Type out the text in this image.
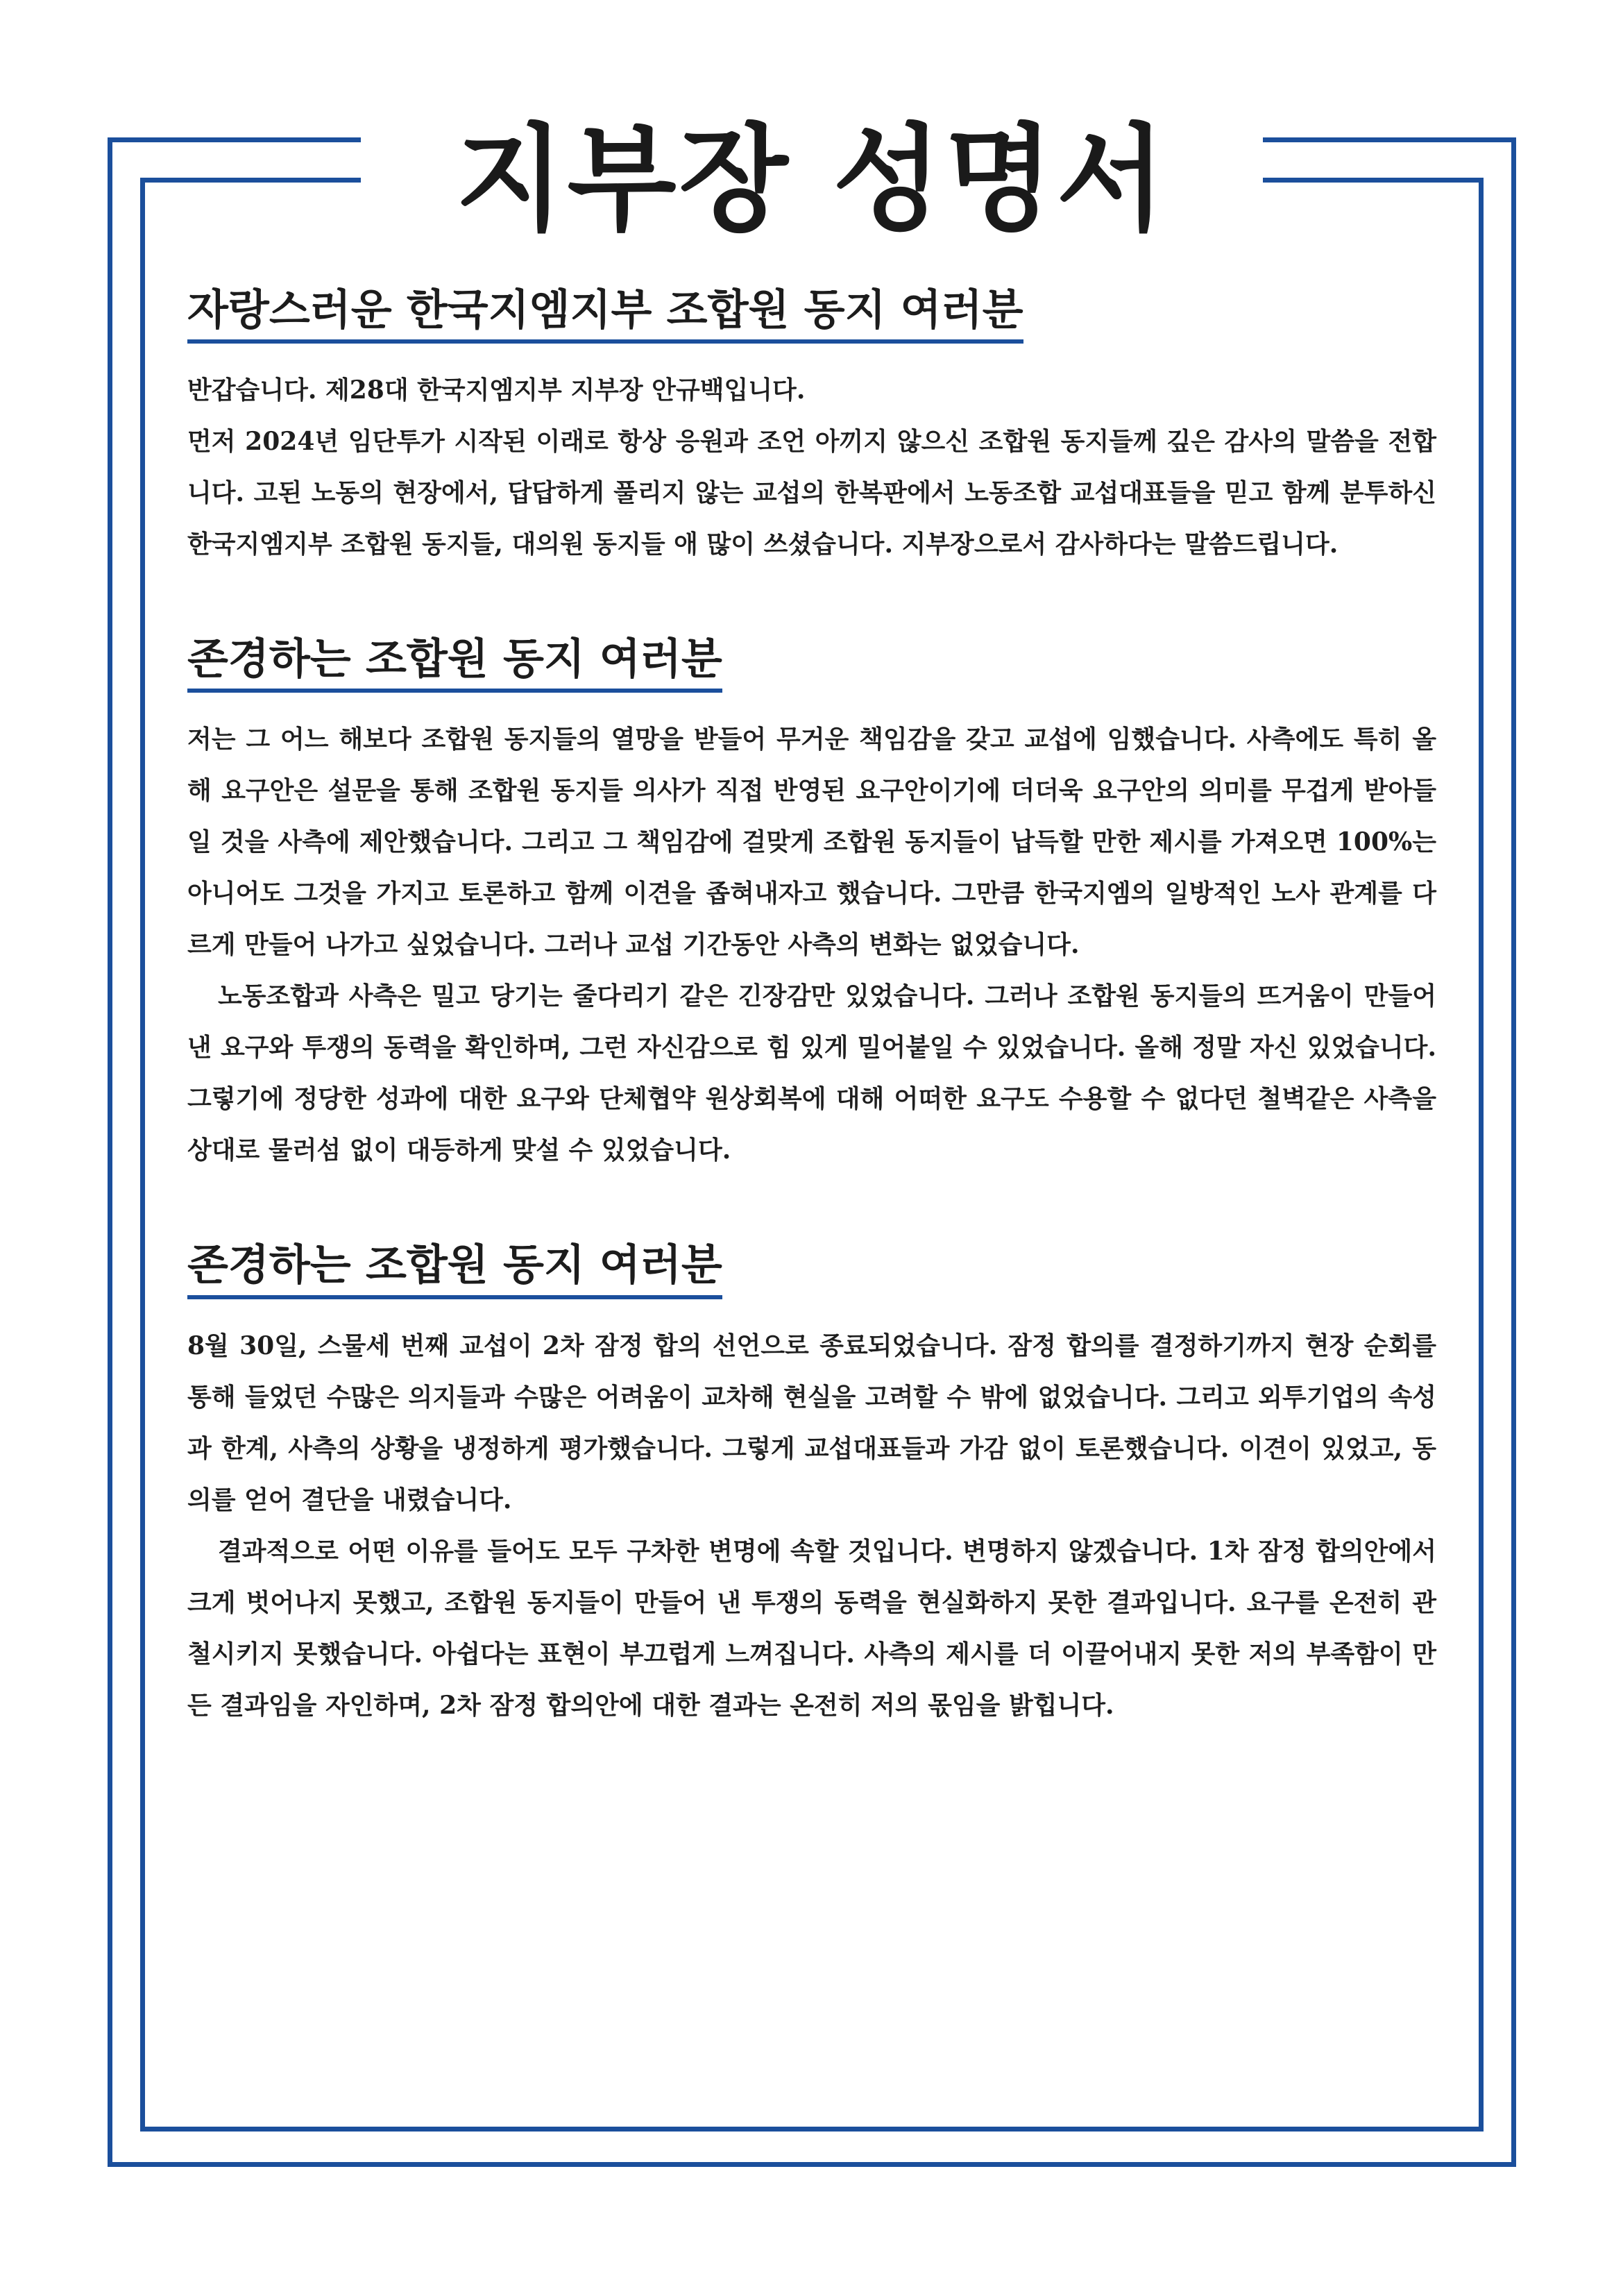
지부장 성명서
자랑스러운 한국지엠지부 조합원 동지 여러분

반갑습니다. 제28대 한국지엠지부 지부장 안규백입니다.

먼저 2024년 임단투가 시작된 이래로 항상 응원과 조언 아끼지 않으신 조합원 동지들께 깊은 감사의 말씀을 전합니다. 고된 노동의 현장에서, 답답하게 풀리지 않는 교섭의 한복판에서 노동조합 교섭대표들을 믿고 함께 분투하신 한국지엠지부 조합원 동지들, 대의원 동지들 애 많이 쓰셨습니다. 지부장으로서 감사하다는 말씀드립니다.

존경하는 조합원 동지 여러분

저는 그 어느 해보다 조합원 동지들의 열망을 받들어 무거운 책임감을 갖고 교섭에 임했습니다. 사측에도 특히 올해 요구안은 설문을 통해 조합원 동지들 의사가 직접 반영된 요구안이기에 더더욱 요구안의 의미를 무겁게 받아들일 것을 사측에 제안했습니다. 그리고 그 책임감에 걸맞게 조합원 동지들이 납득할 만한 제시를 가져오면 100%는 아니어도 그것을 가지고 토론하고 함께 이견을 좁혀내자고 했습니다. 그만큼 한국지엠의 일방적인 노사 관계를 다르게 만들어 나가고 싶었습니다. 그러나 교섭 기간동안 사측의 변화는 없었습니다.

노동조합과 사측은 밀고 당기는 줄다리기 같은 긴장감만 있었습니다. 그러나 조합원 동지들의 뜨거움이 만들어 낸 요구와 투쟁의 동력을 확인하며, 그런 자신감으로 힘 있게 밀어붙일 수 있었습니다. 올해 정말 자신 있었습니다. 그렇기에 정당한 성과에 대한 요구와 단체협약 원상회복에 대해 어떠한 요구도 수용할 수 없다던 철벽같은 사측을 상대로 물러섬 없이 대등하게 맞설 수 있었습니다.

존경하는 조합원 동지 여러분

8월 30일, 스물세 번째 교섭이 2차 잠정 합의 선언으로 종료되었습니다. 잠정 합의를 결정하기까지 현장 순회를 통해 들었던 수많은 의지들과 수많은 어려움이 교차해 현실을 고려할 수 밖에 없었습니다. 그리고 외투기업의 속성과 한계, 사측의 상황을 냉정하게 평가했습니다. 그렇게 교섭대표들과 가감 없이 토론했습니다. 이견이 있었고, 동의를 얻어 결단을 내렸습니다.

결과적으로 어떤 이유를 들어도 모두 구차한 변명에 속할 것입니다. 변명하지 않겠습니다. 1차 잠정 합의안에서 크게 벗어나지 못했고, 조합원 동지들이 만들어 낸 투쟁의 동력을 현실화하지 못한 결과입니다. 요구를 온전히 관철시키지 못했습니다. 아쉽다는 표현이 부끄럽게 느껴집니다. 사측의 제시를 더 이끌어내지 못한 저의 부족함이 만든 결과임을 자인하며, 2차 잠정 합의안에 대한 결과는 온전히 저의 몫임을 밝힙니다.
